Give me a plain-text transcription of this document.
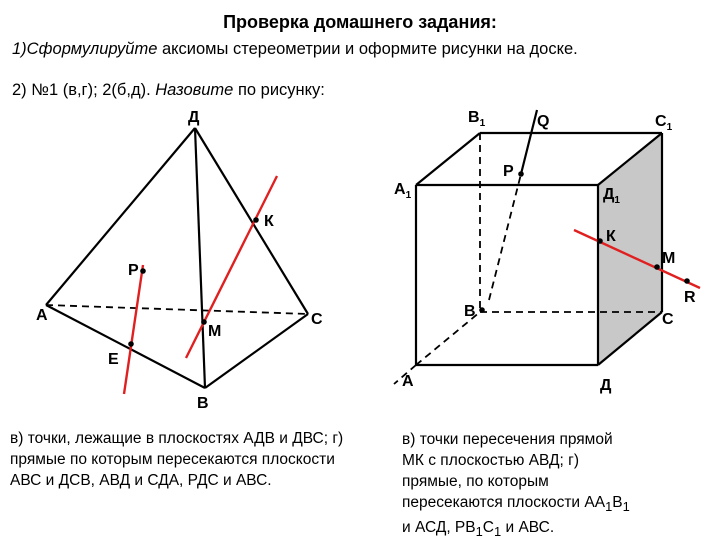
Проверка домашнего задания:
1)Сформулируйте аксиомы стереометрии и оформите рисунки на доске.
2) №1 (в,г); 2(б,д). Назовите по рисунку:
Д
А
В
С
Е
М
Р
К
$В_1$	Q	$С_1$
$А_1$	$Д_1$
Р
К
М
R
В	С
А	Д
в) точки, лежащие в плоскостях АДВ и ДВС; г) прямые по которым пересекаются плоскости АВС и ДСВ, АВД и СДА, РДС и АВС.
в) точки пересечения прямой
МК с плоскостью АВД; г)
прямые, по которым
пересекаются плоскости $АА_1В_1$
и АСД, $РВ_1С_1$ и АВС.
